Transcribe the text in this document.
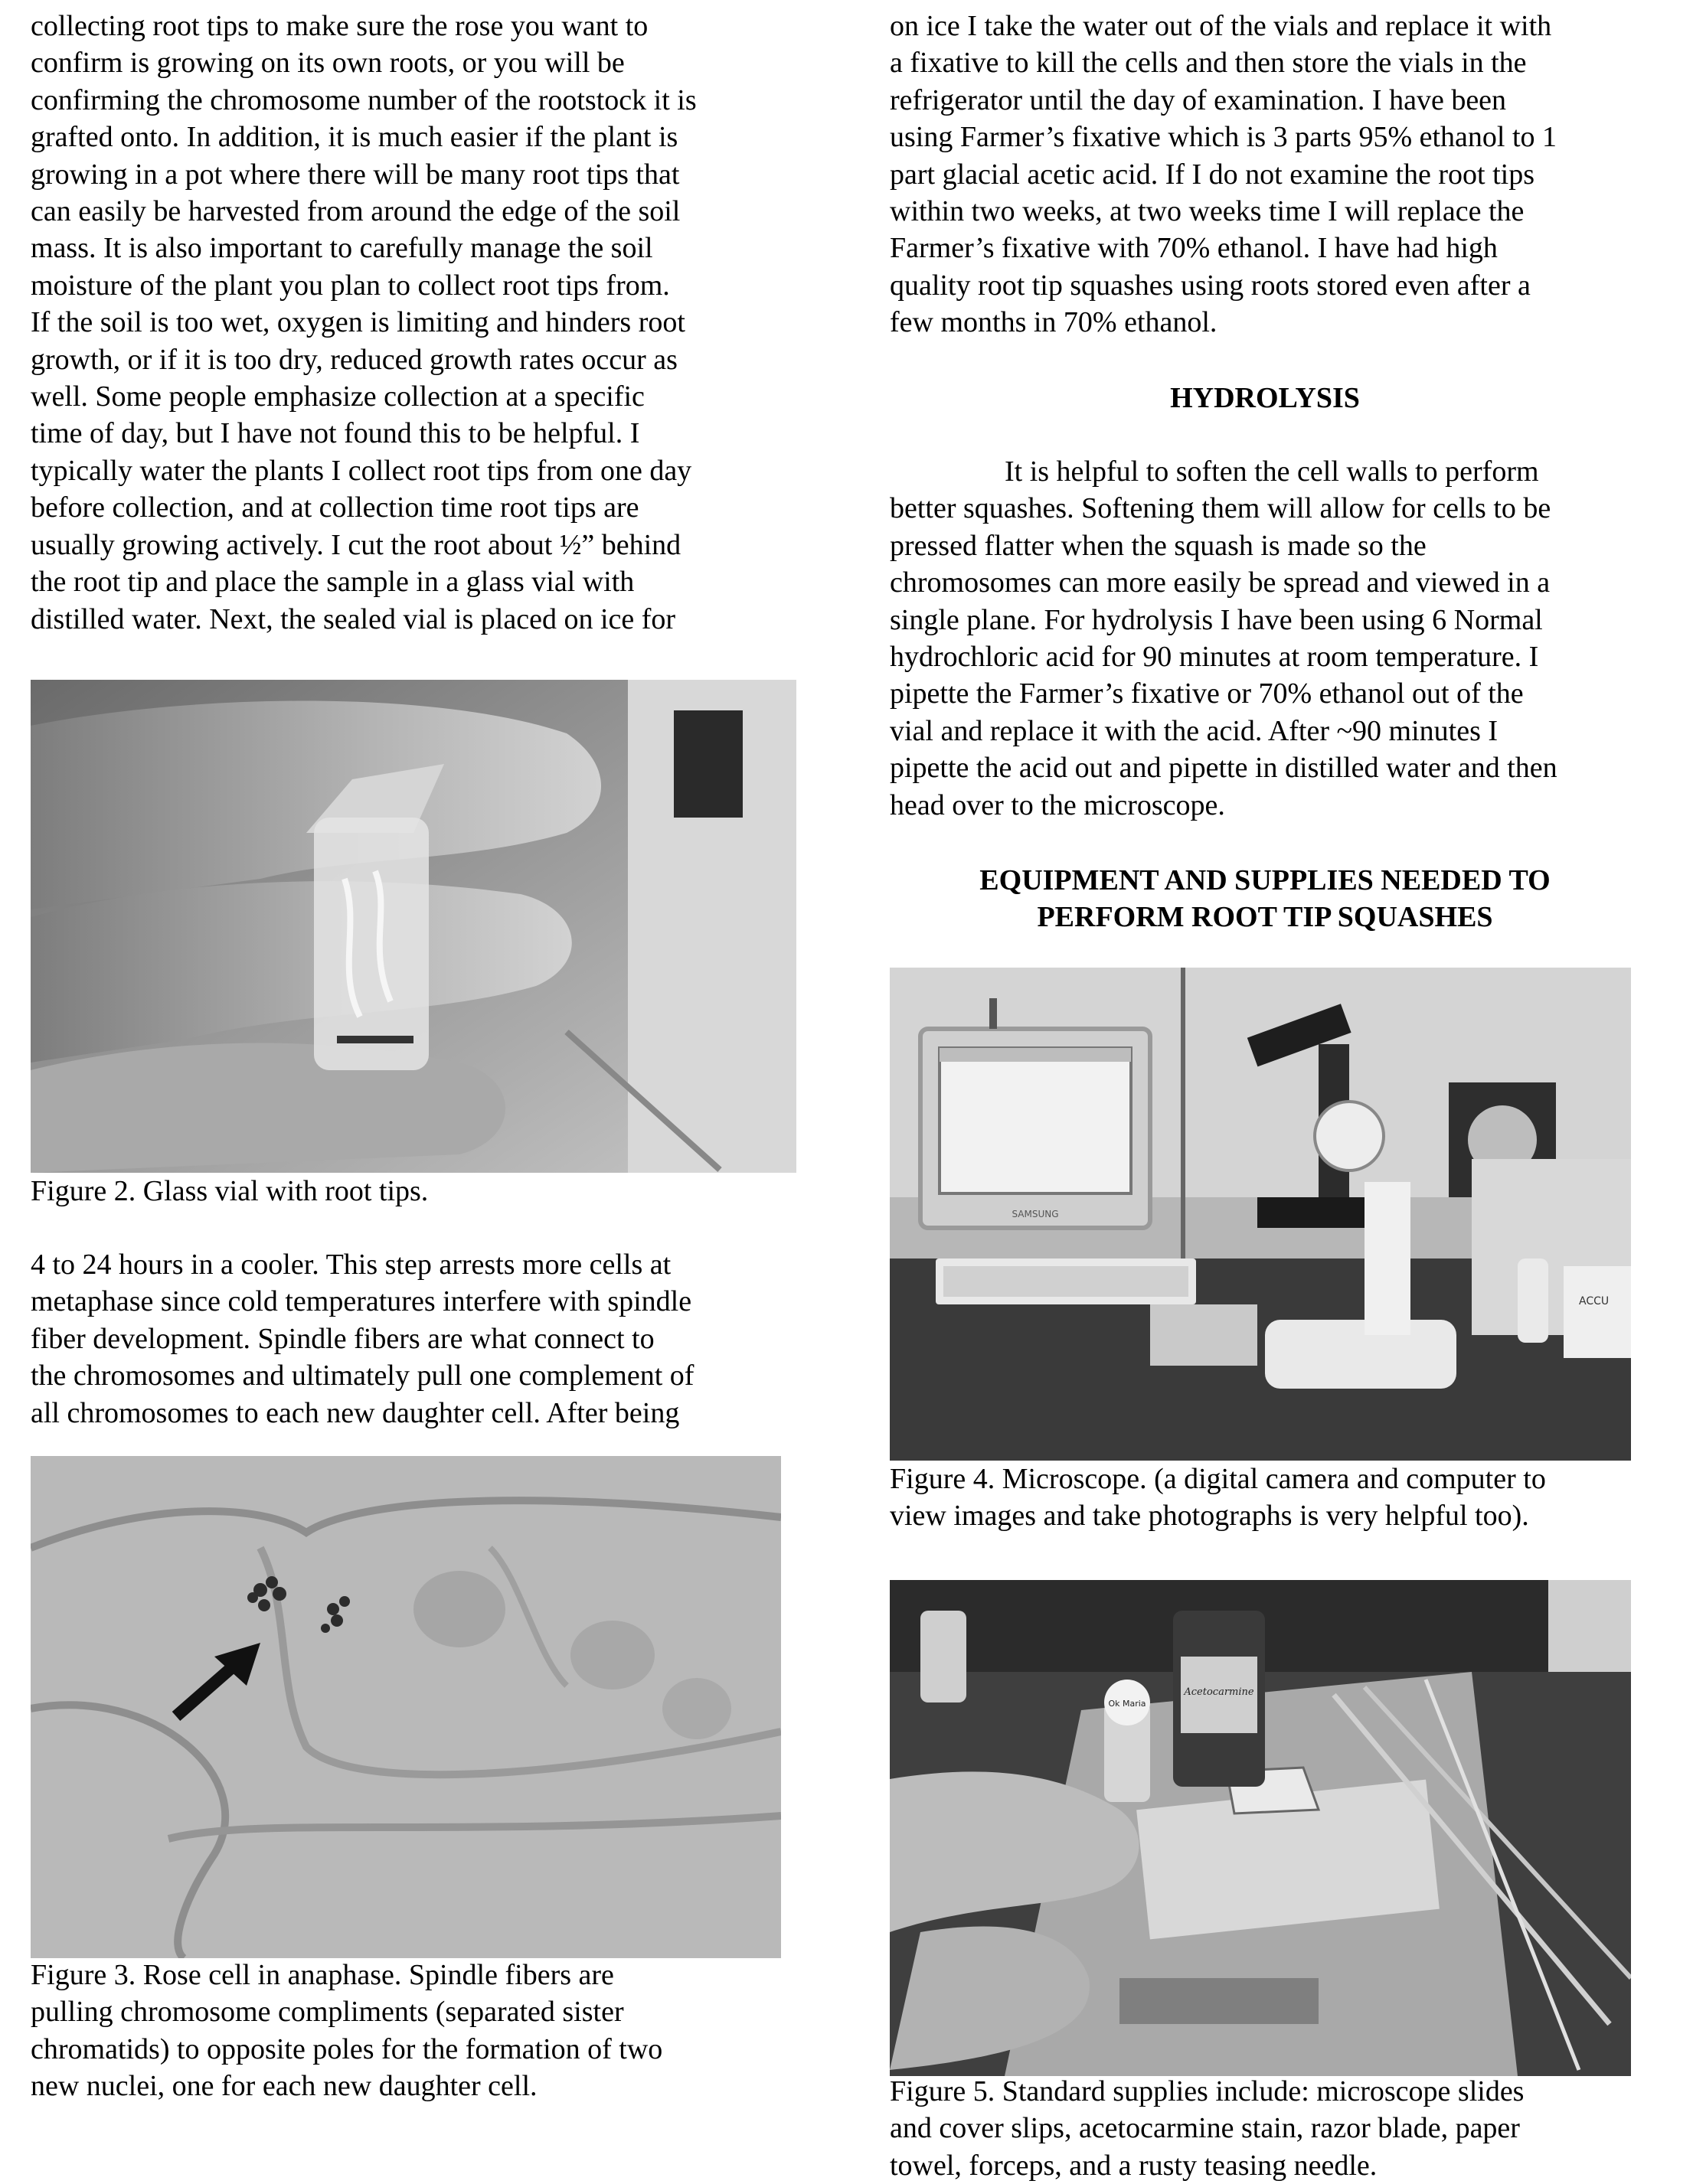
collecting root tips to make sure the rose you want to
confirm is growing on its own roots, or you will be
confirming the chromosome number of the rootstock it is
grafted onto. In addition, it is much easier if the plant is
growing in a pot where there will be many root tips that
can easily be harvested from around the edge of the soil
mass. It is also important to carefully manage the soil
moisture of the plant you plan to collect root tips from.
If the soil is too wet, oxygen is limiting and hinders root
growth, or if it is too dry, reduced growth rates occur as
well. Some people emphasize collection at a specific
time of day, but I have not found this to be helpful. I
typically water the plants I collect root tips from one day
before collection, and at collection time root tips are
usually growing actively. I cut the root about ½” behind
the root tip and place the sample in a glass vial with
distilled water. Next, the sealed vial is placed on ice for

Figure 2. Glass vial with root tips.

4 to 24 hours in a cooler. This step arrests more cells at
metaphase since cold temperatures interfere with spindle
fiber development. Spindle fibers are what connect to
the chromosomes and ultimately pull one complement of
all chromosomes to each new daughter cell. After being

Figure 3. Rose cell in anaphase. Spindle fibers are
pulling chromosome compliments (separated sister
chromatids) to opposite poles for the formation of two
new nuclei, one for each new daughter cell.

on ice I take the water out of the vials and replace it with
a fixative to kill the cells and then store the vials in the
refrigerator until the day of examination. I have been
using Farmer’s fixative which is 3 parts 95% ethanol to 1
part glacial acetic acid. If I do not examine the root tips
within two weeks, at two weeks time I will replace the
Farmer’s fixative with 70% ethanol. I have had high
quality root tip squashes using roots stored even after a
few months in 70% ethanol.

HYDROLYSIS

It is helpful to soften the cell walls to perform
better squashes. Softening them will allow for cells to be
pressed flatter when the squash is made so the
chromosomes can more easily be spread and viewed in a
single plane. For hydrolysis I have been using 6 Normal
hydrochloric acid for 90 minutes at room temperature. I
pipette the Farmer’s fixative or 70% ethanol out of the
vial and replace it with the acid. After ~90 minutes I
pipette the acid out and pipette in distilled water and then
head over to the microscope.

EQUIPMENT AND SUPPLIES NEEDED TO
PERFORM ROOT TIP SQUASHES

SAMSUNG
ACCU

Figure 4. Microscope. (a digital camera and computer to
view images and take photographs is very helpful too).

Acetocarmine
Ok Maria

Figure 5. Standard supplies include: microscope slides
and cover slips, acetocarmine stain, razor blade, paper
towel, forceps, and a rusty teasing needle.
